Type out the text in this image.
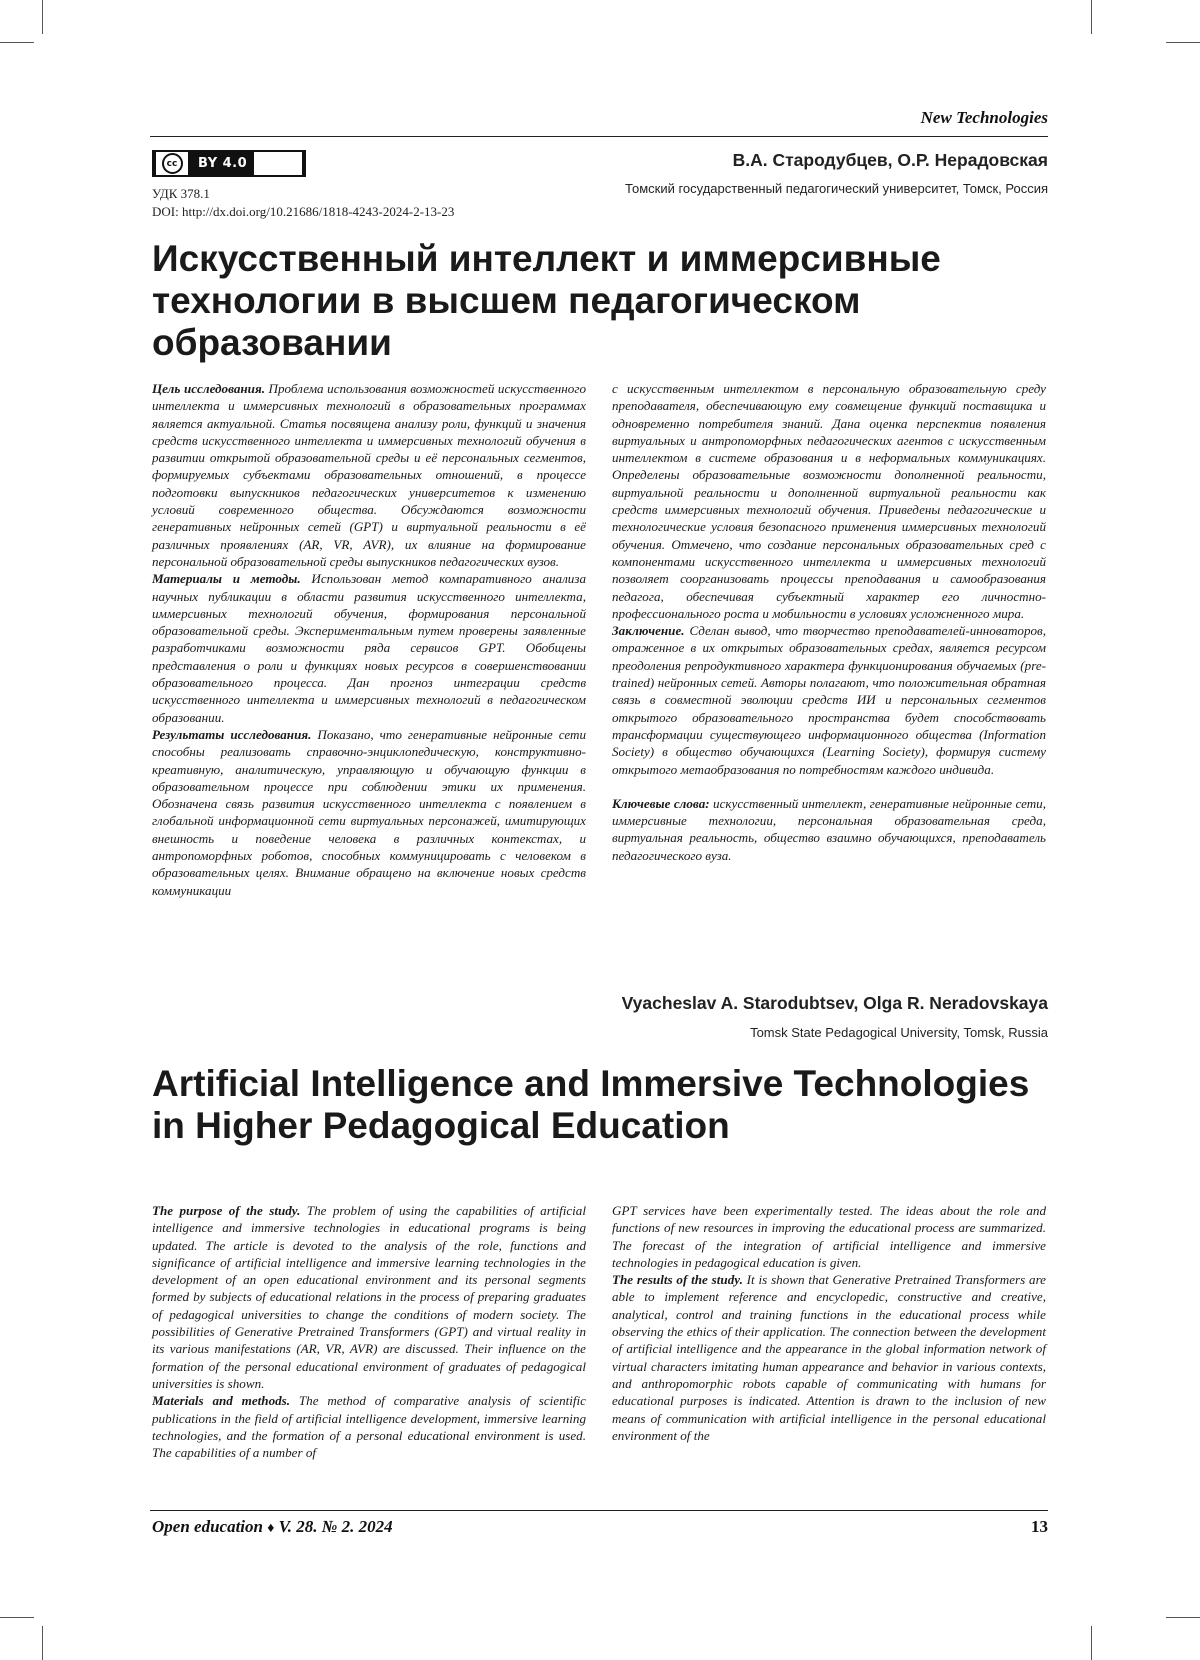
New Technologies
cc	BY 4.0
УДК 378.1
DOI: http://dx.doi.org/10.21686/1818-4243-2024-2-13-23
В.А. Стародубцев, О.Р. Нерадовская
Томский государственный педагогический университет, Томск, Россия
Искусственный интеллект и иммерсивные технологии в высшем педагогическом образовании

Цель исследования. Проблема использования возможностей искусственного интеллекта и иммерсивных технологий в образовательных программах является актуальной. Статья посвящена анализу роли, функций и значения средств искусственного интеллекта и иммерсивных технологий обучения в развитии открытой образовательной среды и её персональных сегментов, формируемых субъектами образовательных отношений, в процессе подготовки выпускников педагогических университетов к изменению условий современного общества. Обсуждаются возможности генеративных нейронных сетей (GPT) и виртуальной реальности в её различных проявлениях (AR, VR, AVR), их влияние на формирование персональной образовательной среды выпускников педагогических вузов.

Материалы и методы. Использован метод компаративного анализа научных публикации в области развития искусственного интеллекта, иммерсивных технологий обучения, формирования персональной образовательной среды. Экспериментальным путем проверены заявленные разработчиками возможности ряда сервисов GPT. Обобщены представления о роли и функциях новых ресурсов в совершенствовании образовательного процесса. Дан прогноз интеграции средств искусственного интеллекта и иммерсивных технологий в педагогическом образовании.

Результаты исследования. Показано, что генеративные нейронные сети способны реализовать справочно-энциклопедическую, конструктивно-креативную, аналитическую, управляющую и обучающую функции в образовательном процессе при соблюдении этики их применения. Обозначена связь развития искусственного интеллекта с появлением в глобальной информационной сети виртуальных персонажей, имитирующих внешность и поведение человека в различных контекстах, и антропоморфных роботов, способных коммуницировать с человеком в образовательных целях. Внимание обращено на включение новых средств коммуникации

с искусственным интеллектом в персональную образовательную среду преподавателя, обеспечивающую ему совмещение функций поставщика и одновременно потребителя знаний. Дана оценка перспектив появления виртуальных и антропоморфных педагогических агентов с искусственным интеллектом в системе образования и в неформальных коммуникациях. Определены образовательные возможности дополненной реальности, виртуальной реальности и дополненной виртуальной реальности как средств иммерсивных технологий обучения. Приведены педагогические и технологические условия безопасного применения иммерсивных технологий обучения. Отмечено, что создание персональных образовательных сред с компонентами искусственного интеллекта и иммерсивных технологий позволяет соорганизовать процессы преподавания и самообразования педагога, обеспечивая субъектный характер его личностно-профессионального роста и мобильности в условиях усложненного мира.

Заключение. Сделан вывод, что творчество преподавателей-инноваторов, отраженное в их открытых образовательных средах, является ресурсом преодоления репродуктивного характера функционирования обучаемых (pre-trained) нейронных сетей. Авторы полагают, что положительная обратная связь в совместной эволюции средств ИИ и персональных сегментов открытого образовательного пространства будет способствовать трансформации существующего информационного общества (Information Society) в общество обучающихся (Learning Society), формируя систему открытого метаобразования по потребностям каждого индивида.

Ключевые слова: искусственный интеллект, генеративные нейронные сети, иммерсивные технологии, персональная образовательная среда, виртуальная реальность, общество взаимно обучающихся, преподаватель педагогического вуза.

Vyacheslav A. Starodubtsev, Olga R. Neradovskaya
Tomsk State Pedagogical University, Tomsk, Russia
Artificial Intelligence and Immersive Technologies in Higher Pedagogical Education

The purpose of the study. The problem of using the capabilities of artificial intelligence and immersive technologies in educational programs is being updated. The article is devoted to the analysis of the role, functions and significance of artificial intelligence and immersive learning technologies in the development of an open educational environment and its personal segments formed by subjects of educational relations in the process of preparing graduates of pedagogical universities to change the conditions of modern society. The possibilities of Generative Pretrained Transformers (GPT) and virtual reality in its various manifestations (AR, VR, AVR) are discussed. Their influence on the formation of the personal educational environment of graduates of pedagogical universities is shown.

Materials and methods. The method of comparative analysis of scientific publications in the field of artificial intelligence development, immersive learning technologies, and the formation of a personal educational environment is used. The capabilities of a number of

GPT services have been experimentally tested. The ideas about the role and functions of new resources in improving the educational process are summarized. The forecast of the integration of artificial intelligence and immersive technologies in pedagogical education is given.

The results of the study. It is shown that Generative Pretrained Transformers are able to implement reference and encyclopedic, constructive and creative, analytical, control and training functions in the educational process while observing the ethics of their application. The connection between the development of artificial intelligence and the appearance in the global information network of virtual characters imitating human appearance and behavior in various contexts, and anthropomorphic robots capable of communicating with humans for educational purposes is indicated. Attention is drawn to the inclusion of new means of communication with artificial intelligence in the personal educational environment of the

Open education ♦ V. 28. № 2. 2024	13
